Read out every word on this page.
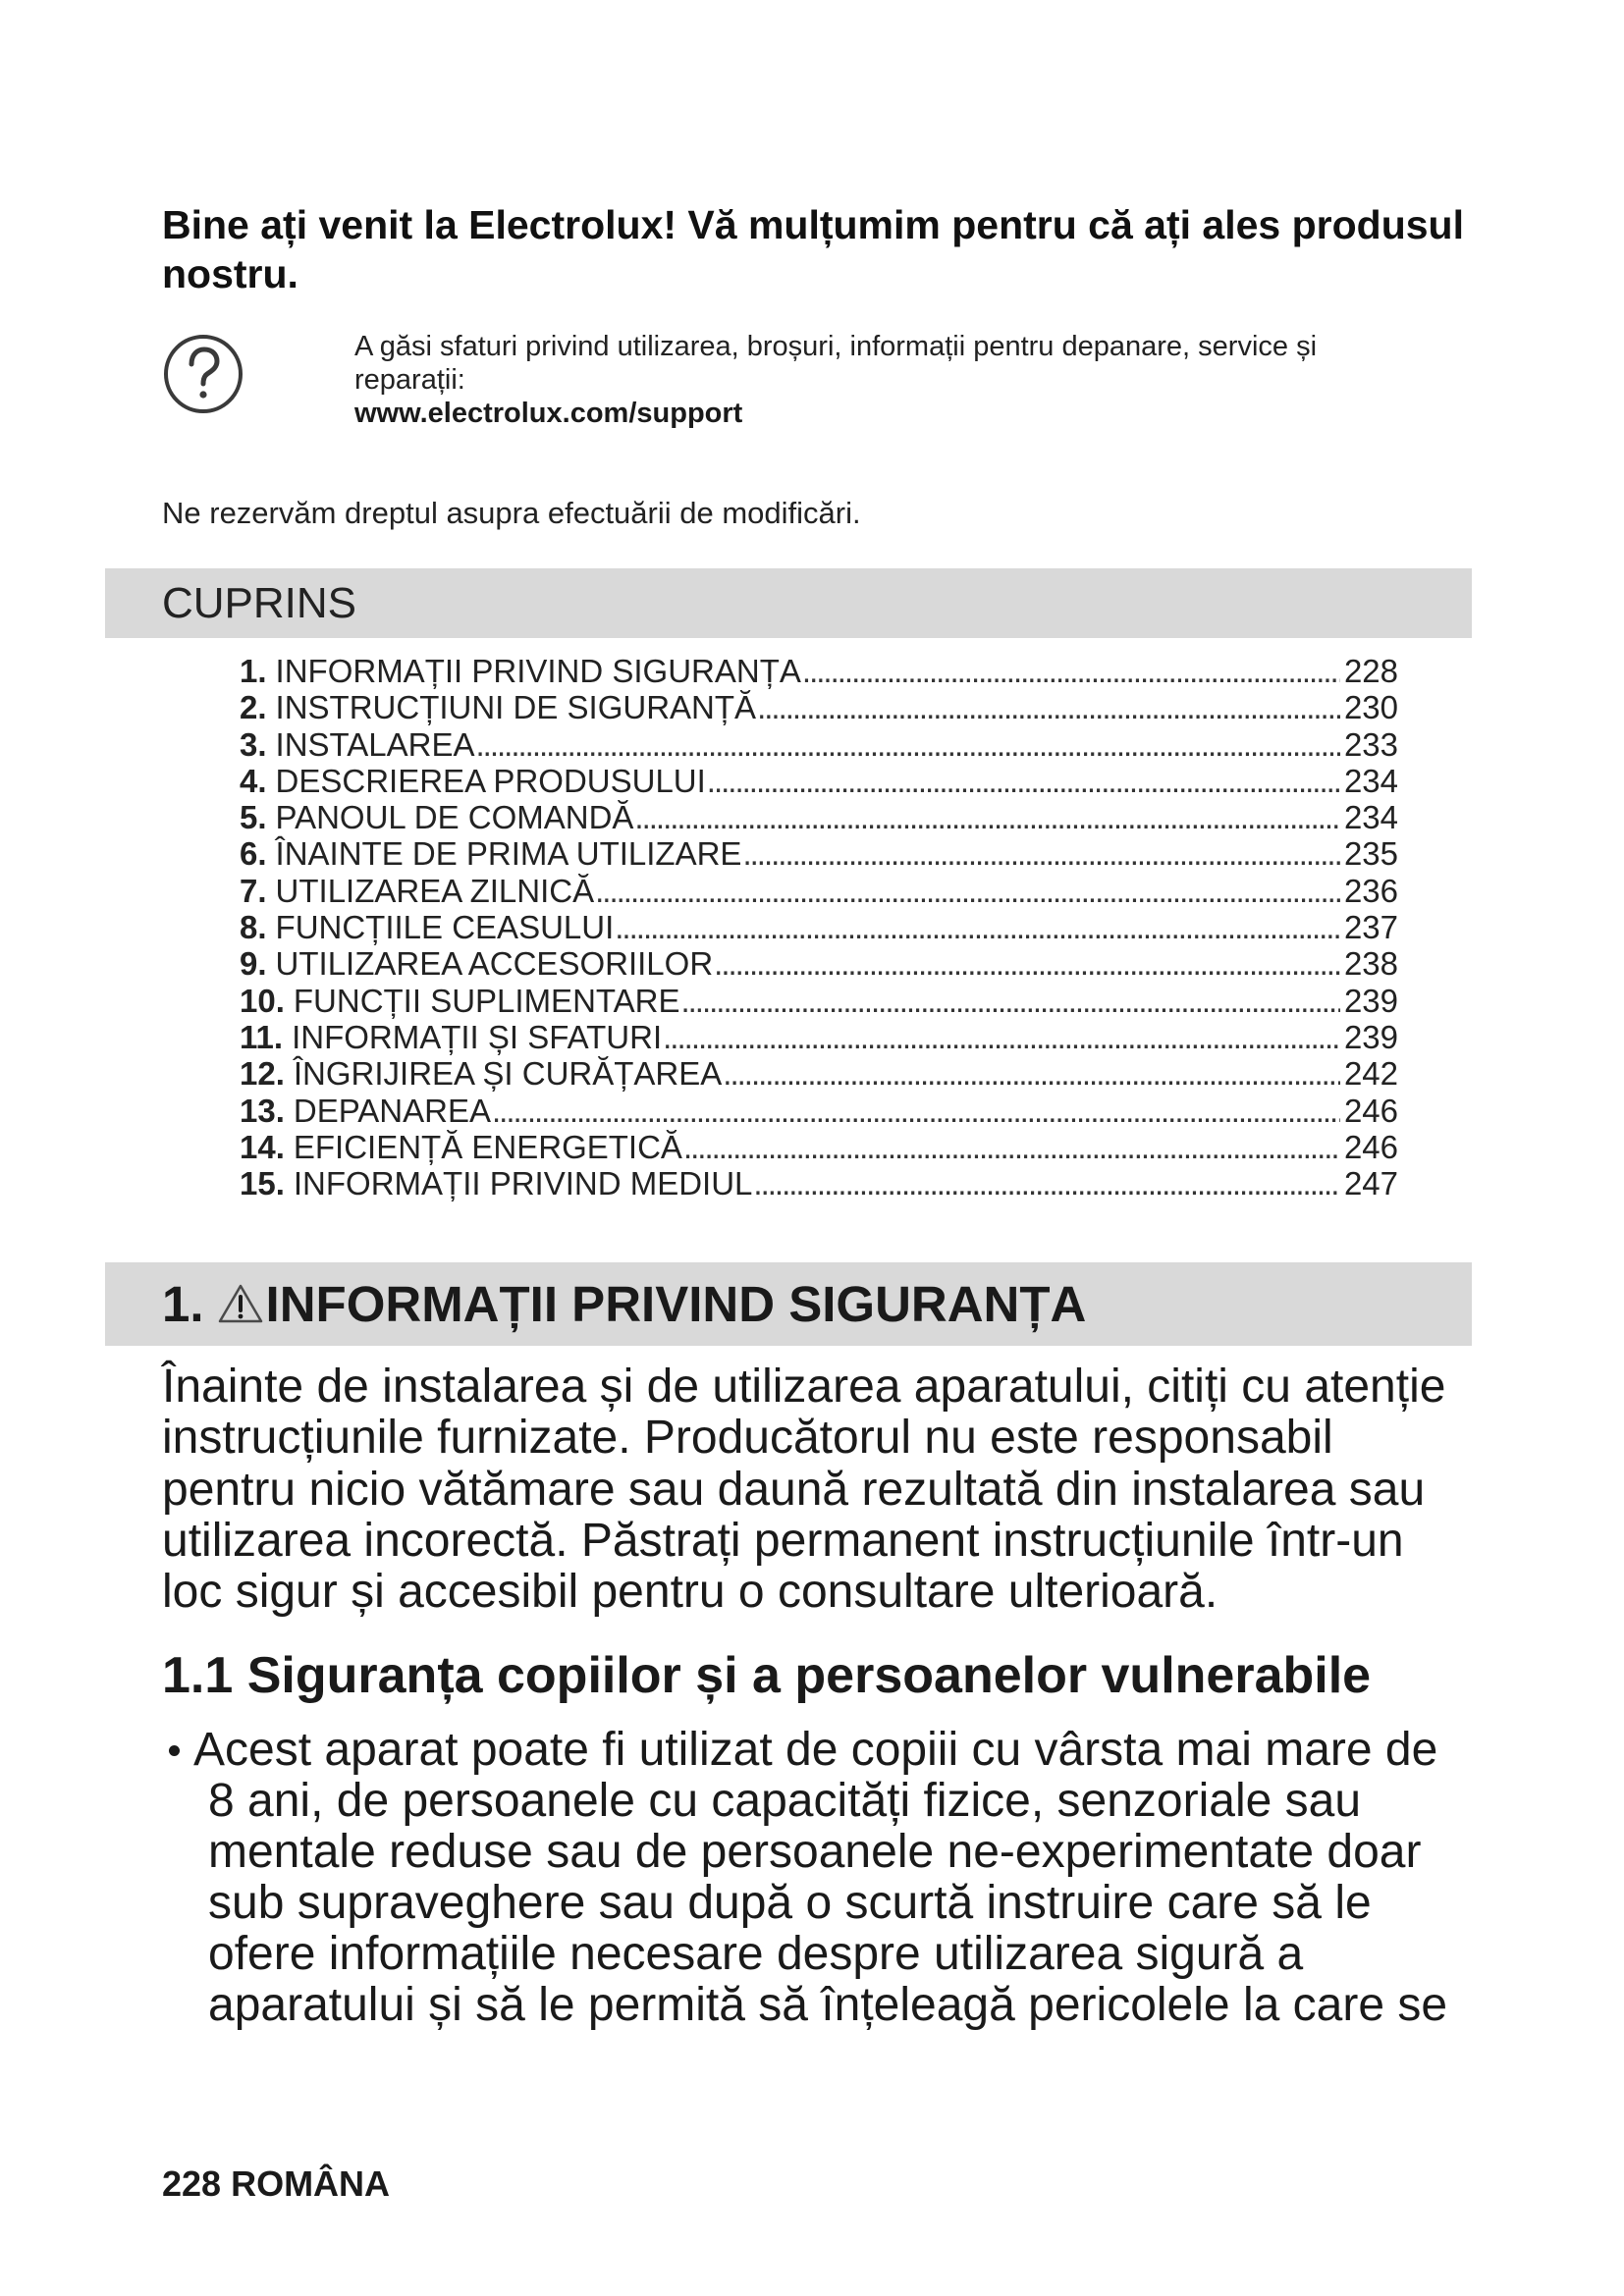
Bine ați venit la Electrolux! Vă mulțumim pentru că ați ales produsul
nostru.
A găsi sfaturi privind utilizarea, broșuri, informații pentru depanare, service și
reparații:
www.electrolux.com/support
Ne rezervăm dreptul asupra efectuării de modificări.
CUPRINS
1. INFORMAȚII PRIVIND SIGURANȚA .....	228
2. INSTRUCȚIUNI DE SIGURANȚĂ .....	230
3. INSTALAREA .....	233
4. DESCRIEREA PRODUSULUI .....	234
5. PANOUL DE COMANDĂ .....	234
6. ÎNAINTE DE PRIMA UTILIZARE .....	235
7. UTILIZAREA ZILNICĂ .....	236
8. FUNCȚIILE CEASULUI .....	237
9. UTILIZAREA ACCESORIILOR .....	238
10. FUNCȚII SUPLIMENTARE .....	239
11. INFORMAȚII ȘI SFATURI .....	239
12. ÎNGRIJIREA ȘI CURĂȚAREA .....	242
13. DEPANAREA .....	246
14. EFICIENȚĂ ENERGETICĂ .....	246
15. INFORMAȚII PRIVIND MEDIUL .....	247
1. INFORMAȚII PRIVIND SIGURANȚA
Înainte de instalarea și de utilizarea aparatului, citiți cu atenție
instrucțiunile furnizate. Producătorul nu este responsabil
pentru nicio vătămare sau daună rezultată din instalarea sau
utilizarea incorectă. Păstrați permanent instrucțiunile într-un
loc sigur și accesibil pentru o consultare ulterioară.
1.1 Siguranța copiilor și a persoanelor vulnerabile
Acest aparat poate fi utilizat de copiii cu vârsta mai mare de
8 ani, de persoanele cu capacități fizice, senzoriale sau
mentale reduse sau de persoanele ne-experimentate doar
sub supraveghere sau după o scurtă instruire care să le
ofere informațiile necesare despre utilizarea sigură a
aparatului și să le permită să înțeleagă pericolele la care se
228 ROMÂNA
